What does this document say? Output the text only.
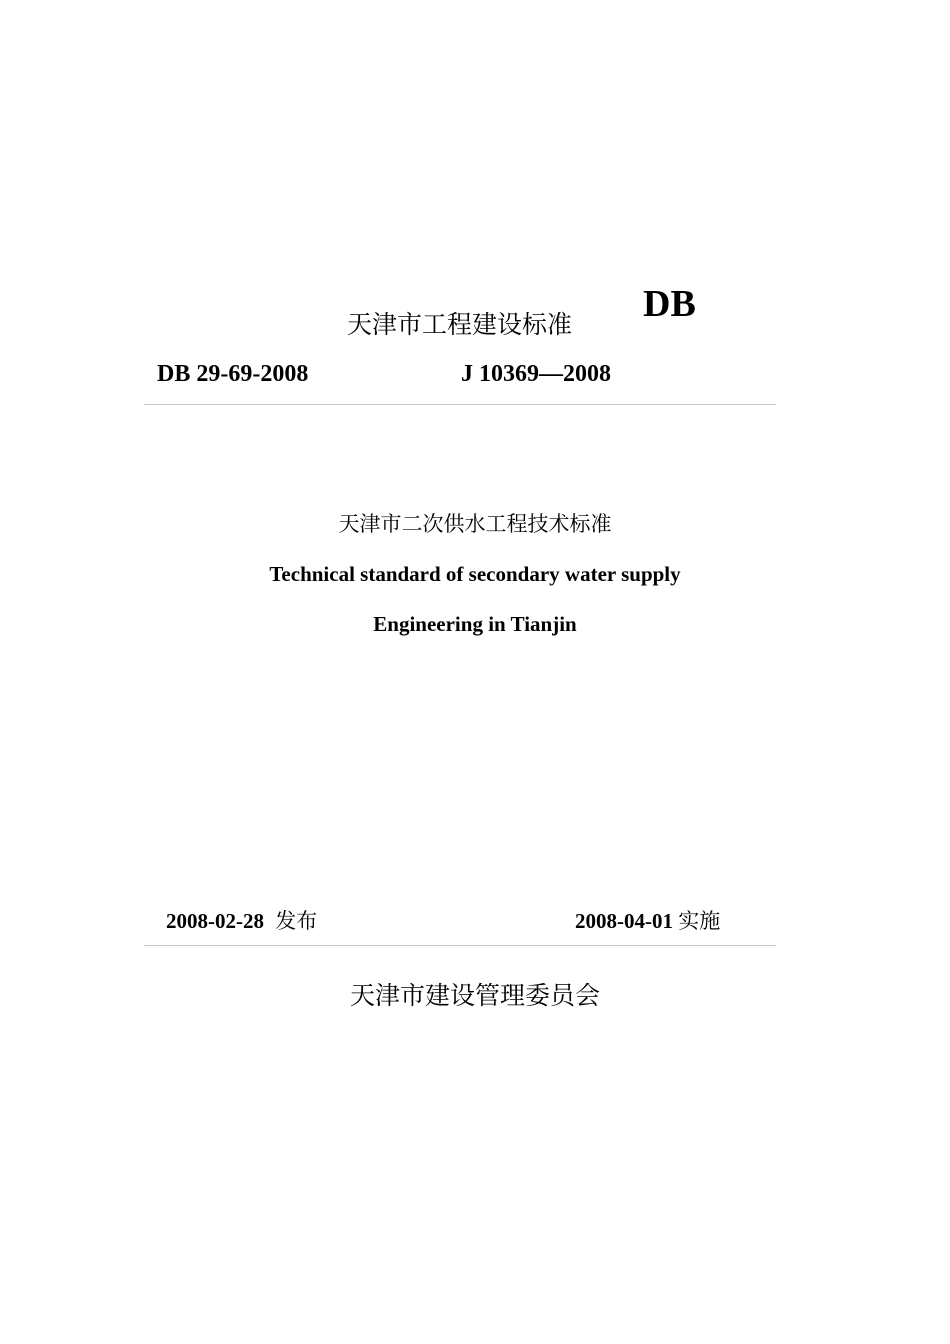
DB
天津市工程建设标准
DB 29-69-2008	J 10369—2008
天津市二次供水工程技术标准
Technical standard of secondary water supply
Engineering in Tianjin
2008-02-28 发布	2008-04-01 实施
天津市建设管理委员会
